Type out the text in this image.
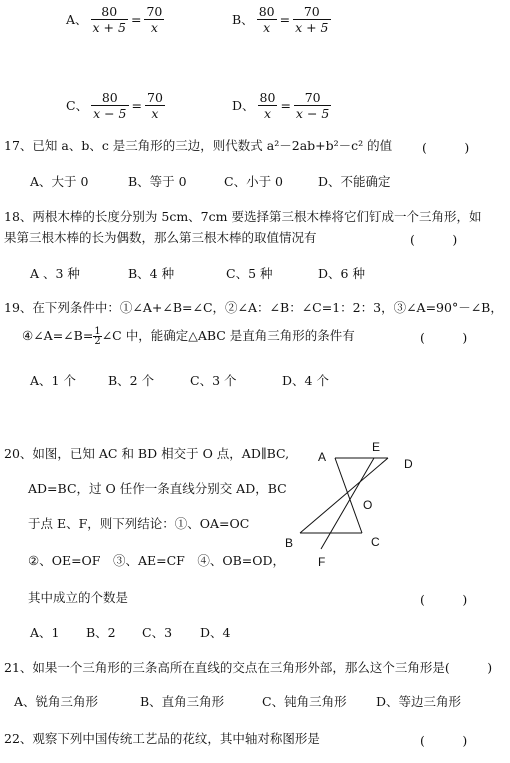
A、 $\frac{80}{x + 5} = \frac{70}{x}$	B、 $\frac{80}{x} = \frac{70}{x + 5}$
C、 $\frac{80}{x - 5} = \frac{70}{x}$	D、 $\frac{80}{x} = \frac{70}{x - 5}$
17、已知 a、b、c 是三角形的三边，则代数式 a²－2ab+b²－c² 的值 (　　　)
A、大于 0	B、等于 0	C、小于 0	D、不能确定
18、两根木棒的长度分别为 5cm、7cm 要选择第三根木棒将它们钉成一个三角形，如
果第三根木棒的长为偶数，那么第三根木棒的取值情况有	(　　　)
A 、3 种	B、4 种	C、5 种	D、6 种
19、在下列条件中：①∠A+∠B=∠C，②∠A：∠B：∠C=1：2：3，③∠A=90°－∠B，
④∠A=∠B= $\frac{1}{2}$ ∠C 中，能确定△ABC 是直角三角形的条件有	(　　　)
A、1 个	B、2 个	C、3 个	D、4 个
20、如图，已知 AC 和 BD 相交于 O 点，AD∥BC,
AD=BC，过 O 任作一条直线分别交 AD，BC
于点 E、F，则下列结论：①、OA=OC
②、OE=OF　③、AE=CF　④、OB=OD，
其中成立的个数是	(　　　)
A、1 B、2 C、3 D、4
A
E
D
O
B
F
C
21、如果一个三角形的三条高所在直线的交点在三角形外部，那么这个三角形是(　　　)
A、锐角三角形	B、直角三角形	C、钝角三角形 D、等边三角形
22、观察下列中国传统工艺品的花纹，其中轴对称图形是	(　　　)
